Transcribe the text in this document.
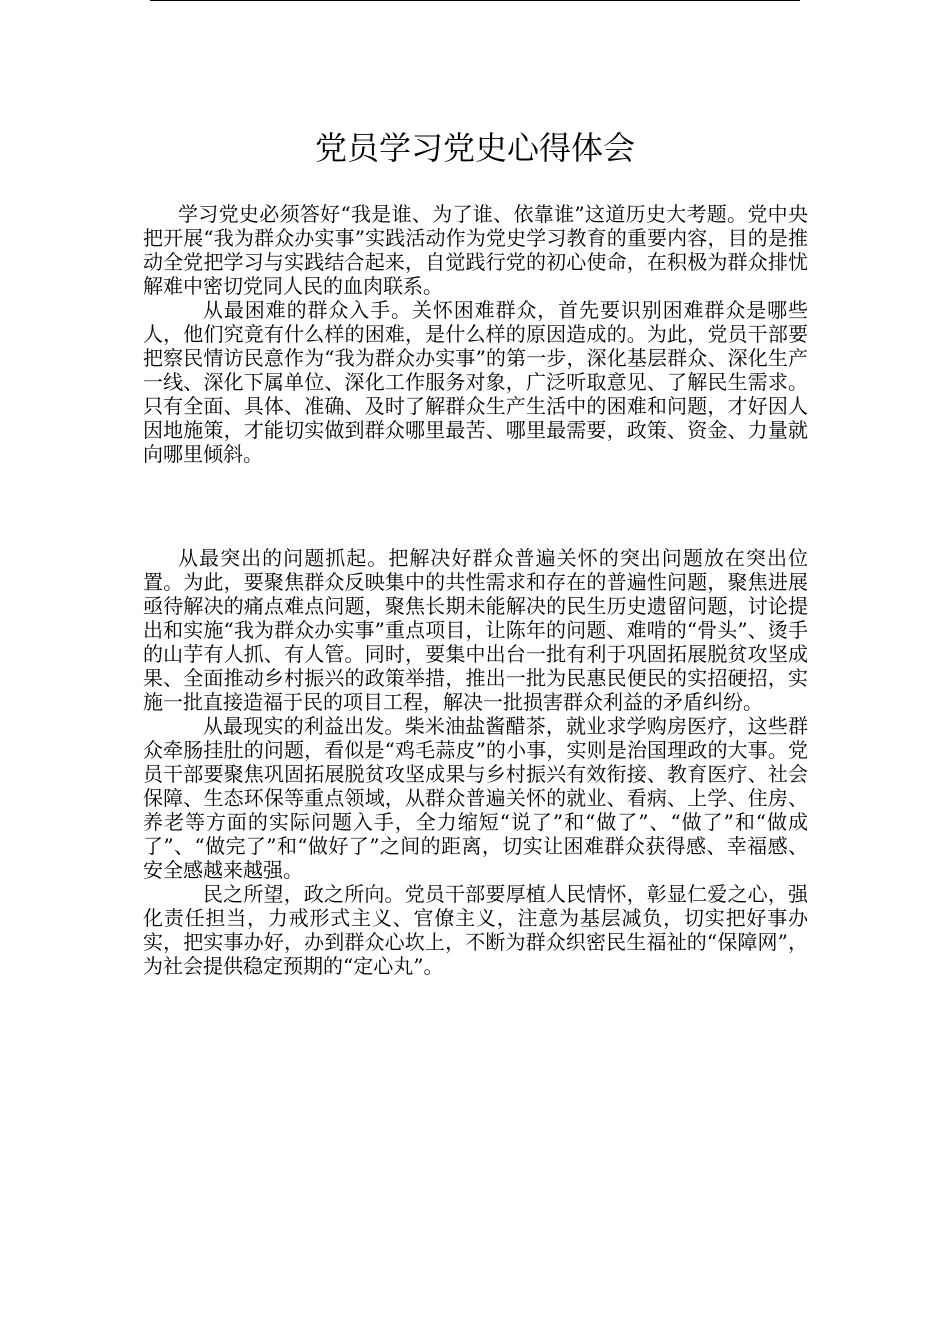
党员学习党史心得体会

学习党史必须答好“我是谁、为了谁、依靠谁”这道历史大考题。党中央把开展“我为群众办实事”实践活动作为党史学习教育的重要内容，目的是推动全党把学习与实践结合起来，自觉践行党的初心使命，在积极为群众排忧解难中密切党同人民的血肉联系。

从最困难的群众入手。关怀困难群众，首先要识别困难群众是哪些人，他们究竟有什么样的困难，是什么样的原因造成的。为此，党员干部要把察民情访民意作为“我为群众办实事”的第一步，深化基层群众、深化生产一线、深化下属单位、深化工作服务对象，广泛听取意见、了解民生需求。只有全面、具体、准确、及时了解群众生产生活中的困难和问题，才好因人因地施策，才能切实做到群众哪里最苦、哪里最需要，政策、资金、力量就向哪里倾斜。

从最突出的问题抓起。把解决好群众普遍关怀的突出问题放在突出位置。为此，要聚焦群众反映集中的共性需求和存在的普遍性问题，聚焦进展亟待解决的痛点难点问题，聚焦长期未能解决的民生历史遗留问题，讨论提出和实施“我为群众办实事”重点项目，让陈年的问题、难啃的“骨头”、烫手的山芋有人抓、有人管。同时，要集中出台一批有利于巩固拓展脱贫攻坚成果、全面推动乡村振兴的政策举措，推出一批为民惠民便民的实招硬招，实施一批直接造福于民的项目工程，解决一批损害群众利益的矛盾纠纷。

从最现实的利益出发。柴米油盐酱醋茶，就业求学购房医疗，这些群众牵肠挂肚的问题，看似是“鸡毛蒜皮”的小事，实则是治国理政的大事。党员干部要聚焦巩固拓展脱贫攻坚成果与乡村振兴有效衔接、教育医疗、社会保障、生态环保等重点领域，从群众普遍关怀的就业、看病、上学、住房、养老等方面的实际问题入手，全力缩短“说了”和“做了”、“做了”和“做成了”、“做完了”和“做好了”之间的距离，切实让困难群众获得感、幸福感、安全感越来越强。

民之所望，政之所向。党员干部要厚植人民情怀，彰显仁爱之心，强化责任担当，力戒形式主义、官僚主义，注意为基层减负，切实把好事办实，把实事办好，办到群众心坎上，不断为群众织密民生福祉的“保障网”，为社会提供稳定预期的“定心丸”。
